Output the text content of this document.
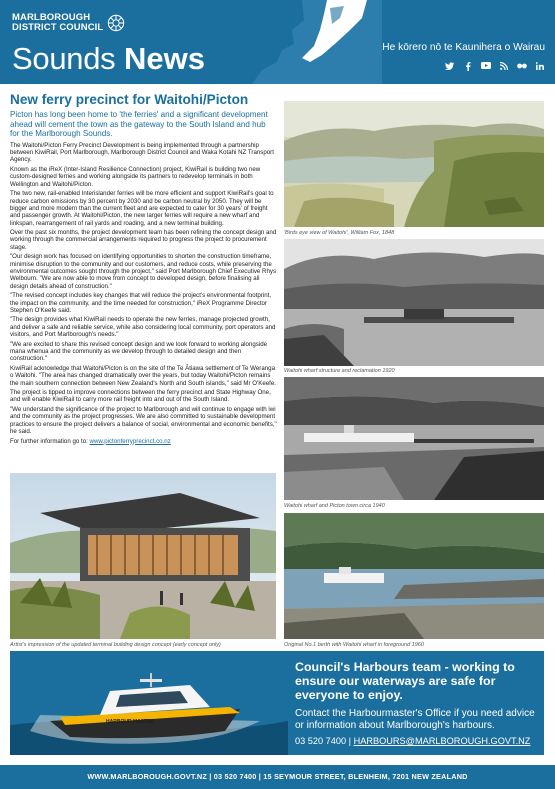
MARLBOROUGH
DISTRICT COUNCIL
Sounds News	He kōrero nō te Kaunihera o Wairau
New ferry precinct for Waitohi/Picton
Picton has long been home to 'the ferries' and a significant development ahead will cement the town as the gateway to the South Island and hub for the Marlborough Sounds.
The Waitohi/Picton Ferry Precinct Development is being implemented through a partnership between KiwiRail, Port Marlborough, Marlborough District Council and Waka Kotahi NZ Transport Agency.
Known as the iReX (Inter-Island Resilience Connection) project, KiwiRail is building two new custom-designed ferries and working alongside its partners to redevelop terminals in both Wellington and Waitohi/Picton.
The two new, rail-enabled Interislander ferries will be more efficient and support KiwiRail's goal to reduce carbon emissions by 30 percent by 2030 and be carbon neutral by 2050. They will be bigger and more modern than the current fleet and are expected to cater for 30 years' of freight and passenger growth. At Waitohi/Picton, the new larger ferries will require a new wharf and linkspan, rearrangement of rail yards and roading, and a new terminal building.
Over the past six months, the project development team has been refining the concept design and working through the commercial arrangements required to progress the project to procurement stage.
"Our design work has focused on identifying opportunities to shorten the construction timeframe, minimise disruption to the community and our customers, and reduce costs, while preserving the environmental outcomes sought through the project," said Port Marlborough Chief Executive Rhys Welbourn. "We are now able to move from concept to developed design, before finalising all design details ahead of construction."
"The revised concept includes key changes that will reduce the project's environmental footprint, the impact on the community, and the time needed for construction," iReX Programme Director Stephen O'Keefe said.
"The design provides what KiwiRail needs to operate the new ferries, manage projected growth, and deliver a safe and reliable service, while also considering local community, port operators and visitors, and Port Marlborough's needs."
"We are excited to share this revised concept design and we look forward to working alongside mana whenua and the community as we develop through to detailed design and then construction."
KiwiRail acknowledge that Waitohi/Picton is on the site of the Te Ātiawa settlement of Te Weranga o Waitohi. "The area has changed dramatically over the years, but today Waitohi/Picton remains the main southern connection between New Zealand's North and South islands," said Mr O'Keefe.
The project is tipped to improve connections between the ferry precinct and State Highway One, and will enable KiwiRail to carry more rail freight into and out of the South Island.
"We understand the significance of the project to Marlborough and will continue to engage with iwi and the community as the project progresses. We are also committed to sustainable development practices to ensure the project delivers a balance of social, environmental and economic benefits," he said.
For further information go to: www.pictonferryprecinct.co.nz
'Birds eye view of Waitohi', William Fox, 1848
Waitohi wharf structure and reclamation 1920
Waitohi wharf and Picton town circa 1940
Artist's impression of the updated terminal building design concept (early concept only)	Original No.1 berth with Waitohi wharf in foreground 1960
HARBOUR MASTER
Council's Harbours team - working to ensure our waterways are safe for everyone to enjoy.
Contact the Harbourmaster's Office if you need advice or information about Marlborough's harbours.
03 520 7400 | HARBOURS@MARLBOROUGH.GOVT.NZ
WWW.MARLBOROUGH.GOVT.NZ | 03 520 7400 | 15 SEYMOUR STREET, BLENHEIM, 7201 NEW ZEALAND
